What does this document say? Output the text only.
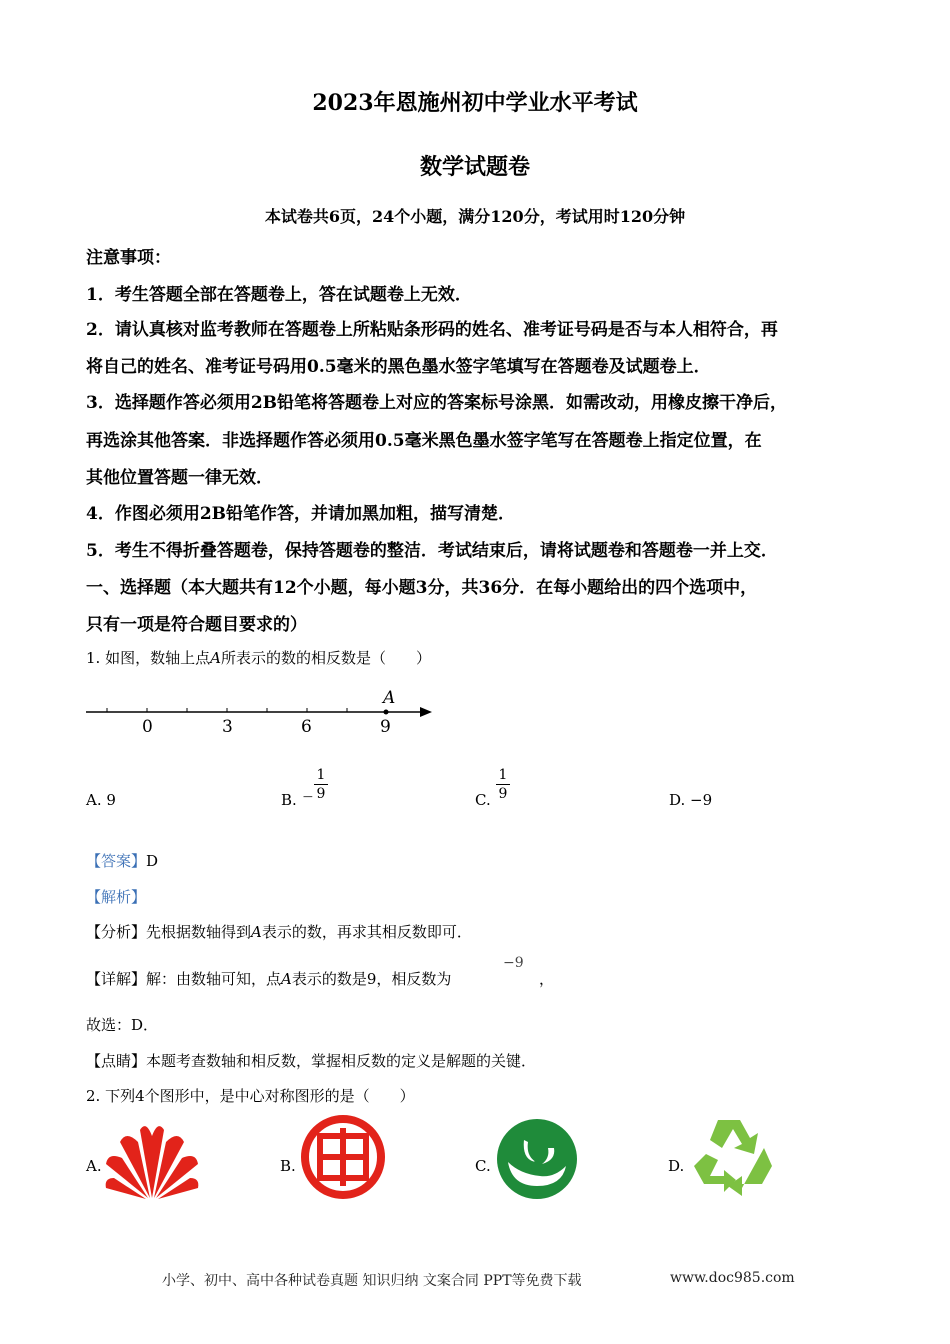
2023年恩施州初中学业水平考试
数学试题卷
本试卷共6页，24个小题，满分120分，考试用时120分钟
注意事项：
1．考生答题全部在答题卷上，答在试题卷上无效．
2．请认真核对监考教师在答题卷上所粘贴条形码的姓名、准考证号码是否与本人相符合，再
将自己的姓名、准考证号码用0.5毫米的黑色墨水签字笔填写在答题卷及试题卷上．
3．选择题作答必须用2B铅笔将答题卷上对应的答案标号涂黑．如需改动，用橡皮擦干净后，
再选涂其他答案．非选择题作答必须用0.5毫米黑色墨水签字笔写在答题卷上指定位置，在
其他位置答题一律无效．
4．作图必须用2B铅笔作答，并请加黑加粗，描写清楚．
5．考生不得折叠答题卷，保持答题卷的整洁．考试结束后，请将试题卷和答题卷一并上交．
一、选择题（本大题共有12个小题，每小题3分，共36分．在每小题给出的四个选项中，
只有一项是符合题目要求的）
1. 如图，数轴上点A所表示的数的相反数是（　　）
A
0	3	6	9
A. 9	B. −
1
9	C.
1
9	D. −9
【答案】D
【解析】
【分析】先根据数轴得到A表示的数，再求其相反数即可．
【详解】解：由数轴可知，点A表示的数是9，相反数为
−9
，
故选：D．
【点睛】本题考查数轴和相反数，掌握相反数的定义是解题的关键．
2. 下列4个图形中，是中心对称图形的是（　　）
A.	B.	C.	D.
小学、初中、高中各种试卷真题 知识归纳 文案合同 PPT等免费下载	www.doc985.com
